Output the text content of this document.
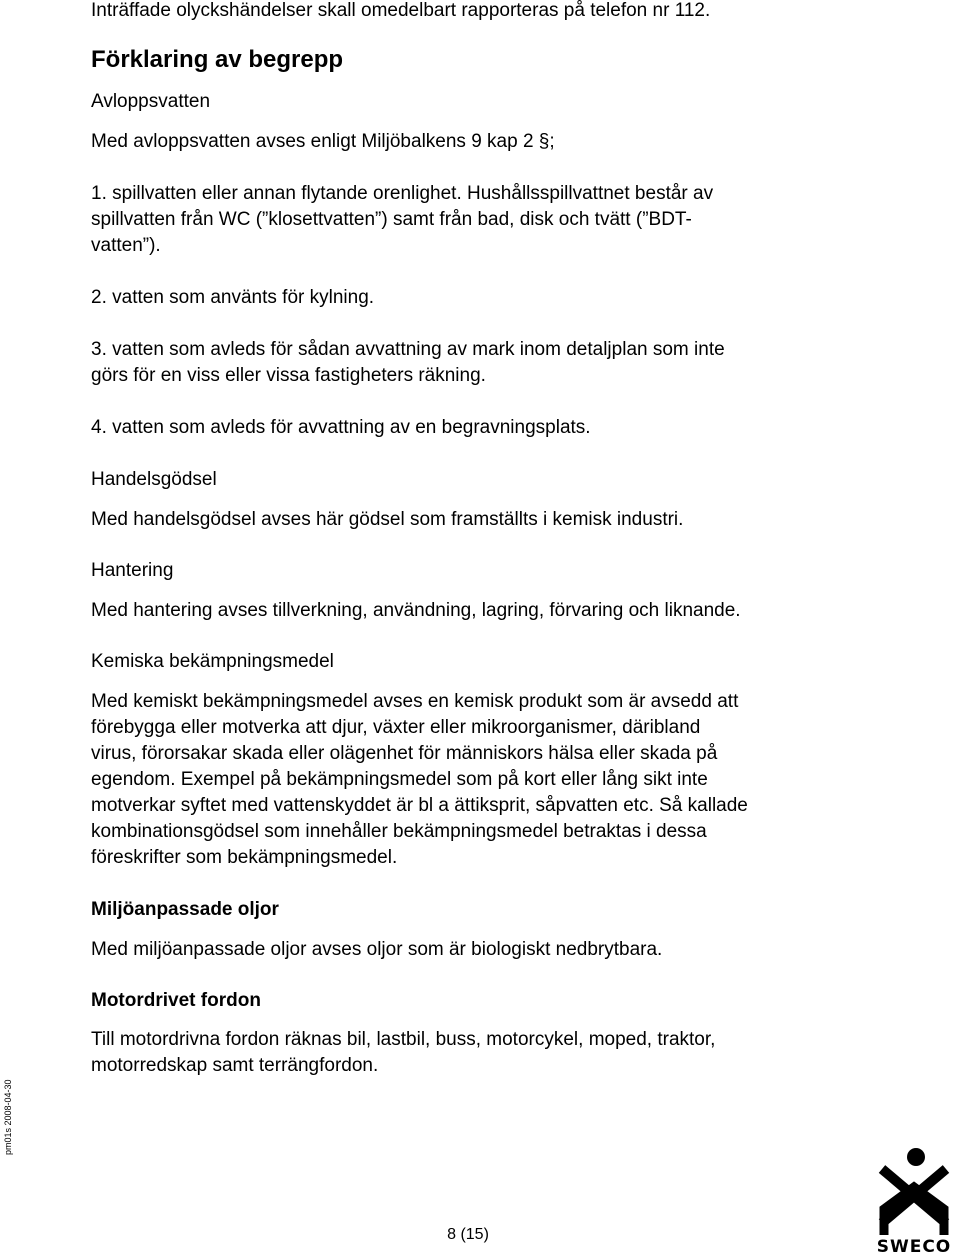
Inträffade olyckshändelser skall omedelbart rapporteras på telefon nr 112.

Förklaring av begrepp

Avloppsvatten

Med avloppsvatten avses enligt Miljöbalkens 9 kap 2 §;

1. spillvatten eller annan flytande orenlighet. Hushållsspillvattnet består av

spillvatten från WC (”klosettvatten”) samt från bad, disk och tvätt (”BDT-

vatten”).

2. vatten som använts för kylning.

3. vatten som avleds för sådan avvattning av mark inom detaljplan som inte

görs för en viss eller vissa fastigheters räkning.

4. vatten som avleds för avvattning av en begravningsplats.

Handelsgödsel

Med handelsgödsel avses här gödsel som framställts i kemisk industri.

Hantering

Med hantering avses tillverkning, användning, lagring, förvaring och liknande.

Kemiska bekämpningsmedel

Med kemiskt bekämpningsmedel avses en kemisk produkt som är avsedd att

förebygga eller motverka att djur, växter eller mikroorganismer, däribland

virus, förorsakar skada eller olägenhet för människors hälsa eller skada på

egendom. Exempel på bekämpningsmedel som på kort eller lång sikt inte

motverkar syftet med vattenskyddet är bl a ättiksprit, såpvatten etc. Så kallade

kombinationsgödsel som innehåller bekämpningsmedel betraktas i dessa

föreskrifter som bekämpningsmedel.

Miljöanpassade oljor

Med miljöanpassade oljor avses oljor som är biologiskt nedbrytbara.

Motordrivet fordon

Till motordrivna fordon räknas bil, lastbil, buss, motorcykel, moped, traktor,

motorredskap samt terrängfordon.

pm01s 2008-04-30
8 (15)
SWECO
